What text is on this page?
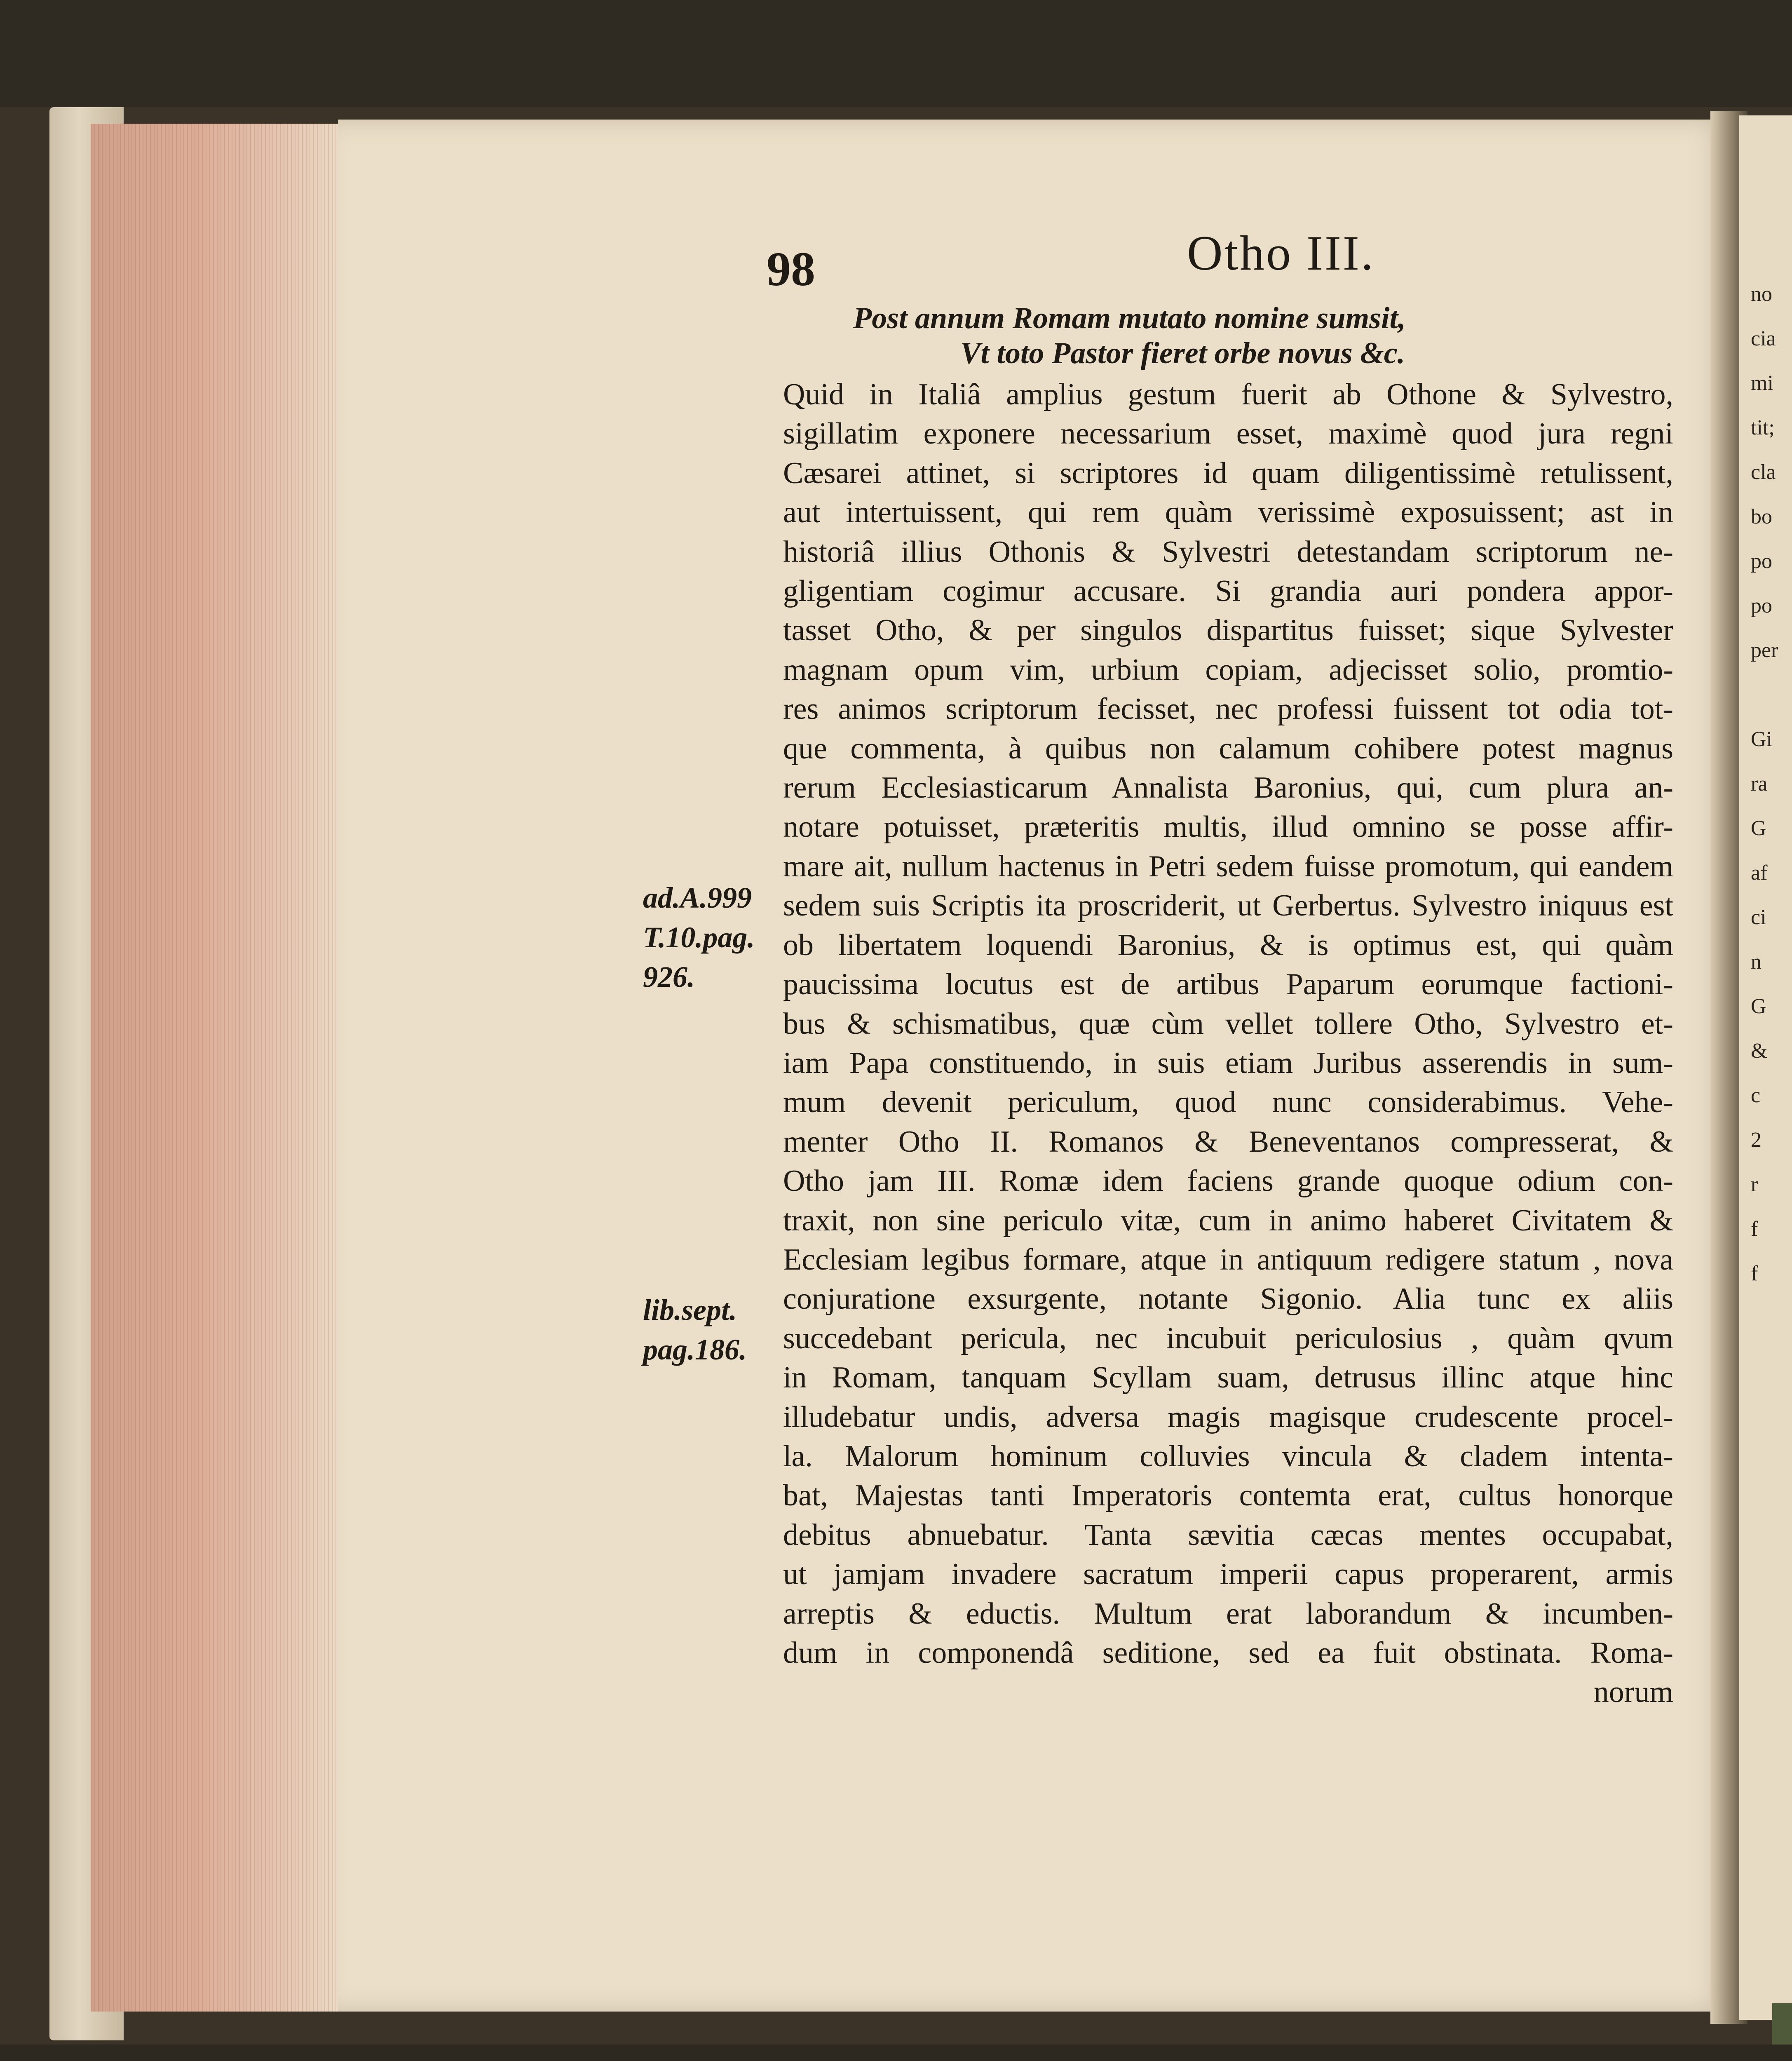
98	Otho III.
Post annum Romam mutato nomine sumsit,
Vt toto Pastor fieret orbe novus &c.
Quid in Italiâ amplius gestum fuerit ab Othone & Sylvestro,
sigillatim exponere necessarium esset, maximè quod jura regni
Cæsarei attinet, si scriptores id quam diligentissimè retulissent,
aut intertuissent, qui rem quàm verissimè exposuissent; ast in
historiâ illius Othonis & Sylvestri detestandam scriptorum ne-
gligentiam cogimur accusare. Si grandia auri pondera appor-
tasset Otho, & per singulos dispartitus fuisset; sique Sylvester
magnam opum vim, urbium copiam, adjecisset solio, promtio-
res animos scriptorum fecisset, nec professi fuissent tot odia tot-
que commenta, à quibus non calamum cohibere potest magnus
rerum Ecclesiasticarum Annalista Baronius, qui, cum plura an-
notare potuisset, præteritis multis, illud omnino se posse affir-
mare ait, nullum hactenus in Petri sedem fuisse promotum, qui eandem
sedem suis Scriptis ita proscriderit, ut Gerbertus. Sylvestro iniquus est
ob libertatem loquendi Baronius, & is optimus est, qui quàm
paucissima locutus est de artibus Paparum eorumque factioni-
bus & schismatibus, quæ cùm vellet tollere Otho, Sylvestro et-
iam Papa constituendo, in suis etiam Juribus asserendis in sum-
mum devenit periculum, quod nunc considerabimus. Vehe-
menter Otho II. Romanos & Beneventanos compresserat, &
Otho jam III. Romæ idem faciens grande quoque odium con-
traxit, non sine periculo vitæ, cum in animo haberet Civitatem &
Ecclesiam legibus formare, atque in antiquum redigere statum , nova
conjuratione exsurgente, notante Sigonio. Alia tunc ex aliis
succedebant pericula, nec incubuit periculosius , quàm qvum
in Romam, tanquam Scyllam suam, detrusus illinc atque hinc
illudebatur undis, adversa magis magisque crudescente procel-
la. Malorum hominum colluvies vincula & cladem intenta-
bat, Majestas tanti Imperatoris contemta erat, cultus honorque
debitus abnuebatur. Tanta sævitia cæcas mentes occupabat,
ut jamjam invadere sacratum imperii capus properarent, armis
arreptis & eductis. Multum erat laborandum & incumben-
dum in componendâ seditione, sed ea fuit obstinata. Roma-
norum
ad.A.999
T.10.pag.
926.
lib.sept.
pag.186.
no
cia
mi
tit;
cla
bo
po
po
per

Gi
ra
G
af
ci
n
G
&
c
2
r
f
f
